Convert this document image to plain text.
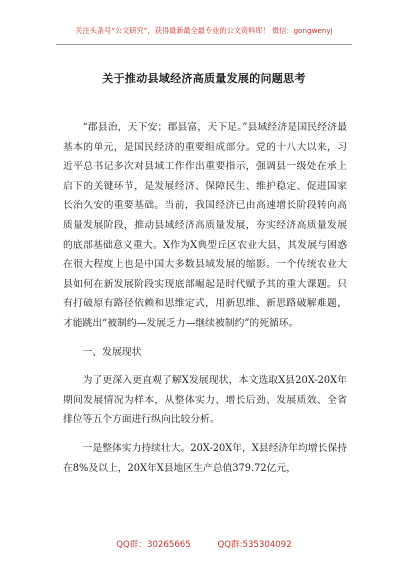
关注头条号“公文研究”，获得最新最全最专业的公文资料库！ 微信：gongwenyj
关于推动县域经济高质量发展的问题思考

“郡县治，天下安；郡县富，天下足。”县域经济是国民经济最基本的单元，是国民经济的重要组成部分。党的十八大以来，习近平总书记多次对县域工作作出重要指示，强调县一级处在承上启下的关键环节，是发展经济、保障民生、维护稳定、促进国家长治久安的重要基础。当前，我国经济已由高速增长阶段转向高质量发展阶段，推动县域经济高质量发展，夯实经济高质量发展的底部基础意义重大。X作为X典型丘区农业大县，其发展与困惑在很大程度上也是中国大多数县域发展的缩影。一个传统农业大县如何在新发展阶段实现底部崛起是时代赋予其的重大课题。只有打破原有路径依赖和思维定式，用新思维、新思路破解难题，才能跳出“被制约—发展乏力—继续被制约”的死循环。

一、发展现状

为了更深入更直观了解X发展现状，本文选取X县20X-20X年期间发展情况为样本，从整体实力、增长后劲、发展质效、全省排位等五个方面进行纵向比较分析。

一是整体实力持续壮大。20X-20X年，X县经济年均增长保持在8%及以上，20X年X县地区生产总值379.72亿元，

QQ群：30265665	QQ群:535304092
